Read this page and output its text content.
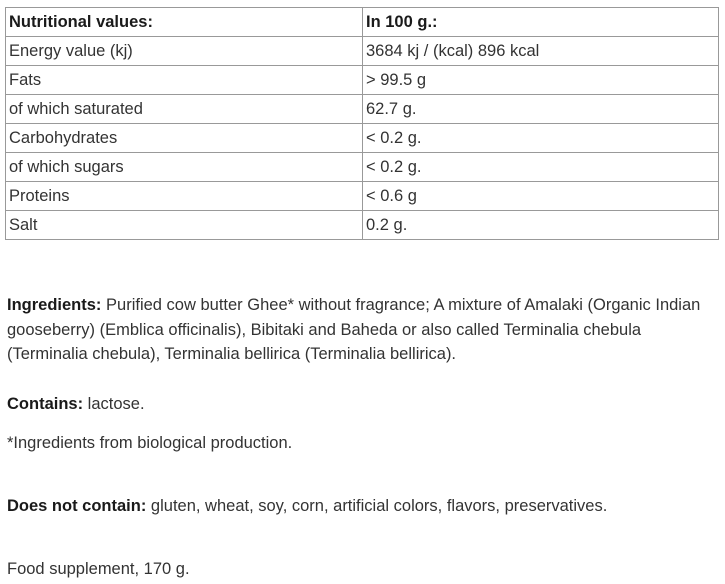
Nutritional values:	In 100 g.:
Energy value (kj)	3684 kj / (kcal) 896 kcal
Fats	> 99.5 g
of which saturated	62.7 g.
Carbohydrates	< 0.2 g.
of which sugars	< 0.2 g.
Proteins	< 0.6 g
Salt	0.2 g.

Ingredients: Purified cow butter Ghee* without fragrance; A mixture of Amalaki (Organic Indian gooseberry) (Emblica officinalis), Bibitaki and Baheda or also called Terminalia chebula (Terminalia chebula), Terminalia bellirica (Terminalia bellirica).

Contains: lactose.

*Ingredients from biological production.

Does not contain: gluten, wheat, soy, corn, artificial colors, flavors, preservatives.

Food supplement, 170 g.
